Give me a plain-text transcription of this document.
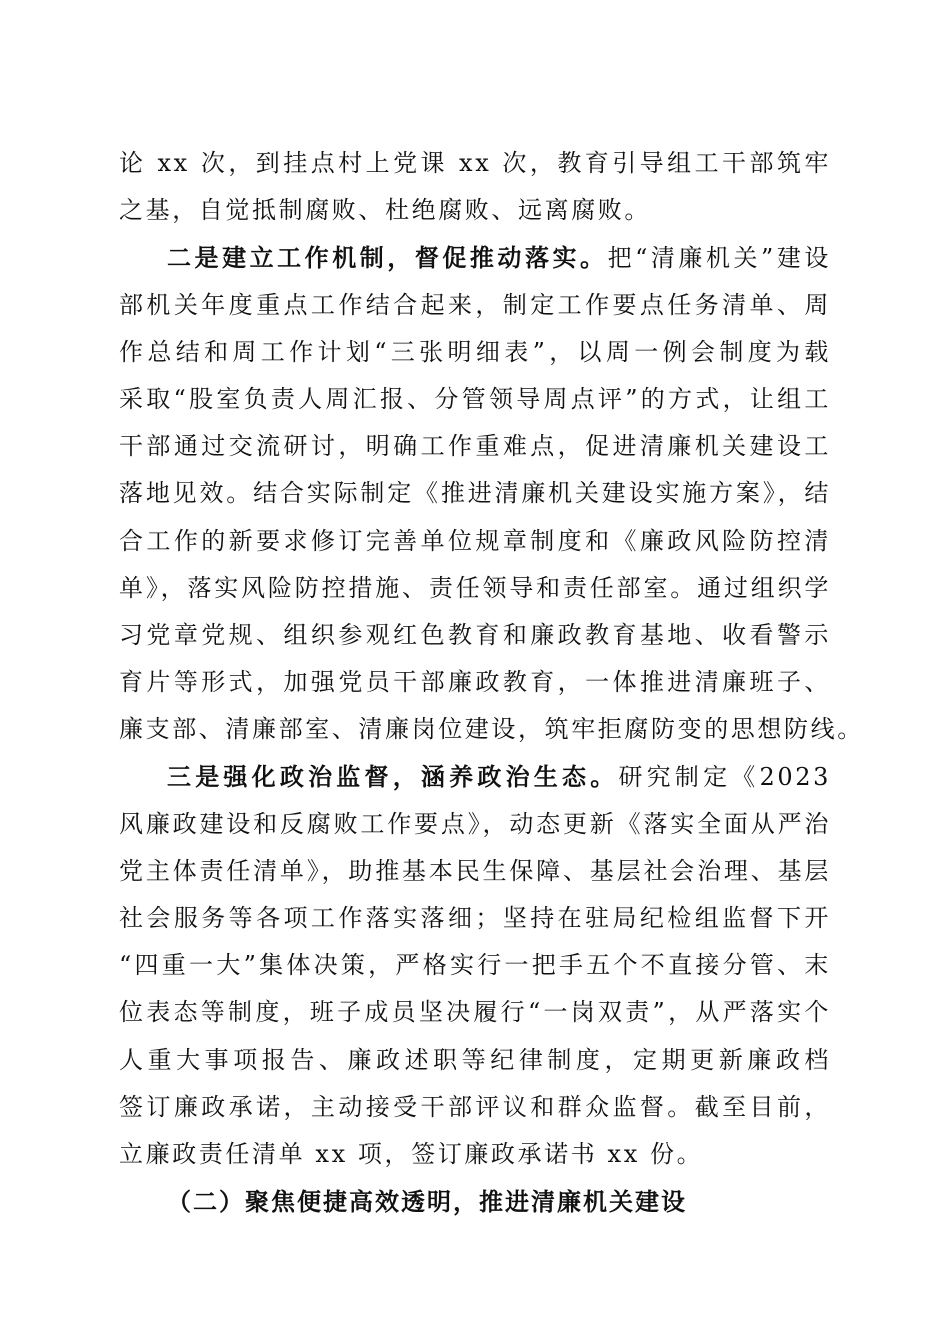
论 xx 次，到挂点村上党课 xx 次，教育引导组工干部筑牢
之基，自觉抵制腐败、杜绝腐败、远离腐败。
二是建立工作机制，督促推动落实。把“清廉机关”建设
部机关年度重点工作结合起来，制定工作要点任务清单、周
作总结和周工作计划“三张明细表”，以周一例会制度为载
采取“股室负责人周汇报、分管领导周点评”的方式，让组工
干部通过交流研讨，明确工作重难点，促进清廉机关建设工
落地见效。结合实际制定《推进清廉机关建设实施方案》，结
合工作的新要求修订完善单位规章制度和《廉政风险防控清
单》，落实风险防控措施、责任领导和责任部室。通过组织学
习党章党规、组织参观红色教育和廉政教育基地、收看警示
育片等形式，加强党员干部廉政教育，一体推进清廉班子、
廉支部、清廉部室、清廉岗位建设，筑牢拒腐防变的思想防线。
三是强化政治监督，涵养政治生态。研究制定《2023
风廉政建设和反腐败工作要点》，动态更新《落实全面从严治
党主体责任清单》，助推基本民生保障、基层社会治理、基层
社会服务等各项工作落实落细；坚持在驻局纪检组监督下开
“四重一大”集体决策，严格实行一把手五个不直接分管、末
位表态等制度，班子成员坚决履行“一岗双责”，从严落实个
人重大事项报告、廉政述职等纪律制度，定期更新廉政档
签订廉政承诺，主动接受干部评议和群众监督。截至目前，
立廉政责任清单 xx 项，签订廉政承诺书 xx 份。
（二）聚焦便捷高效透明，推进清廉机关建设
